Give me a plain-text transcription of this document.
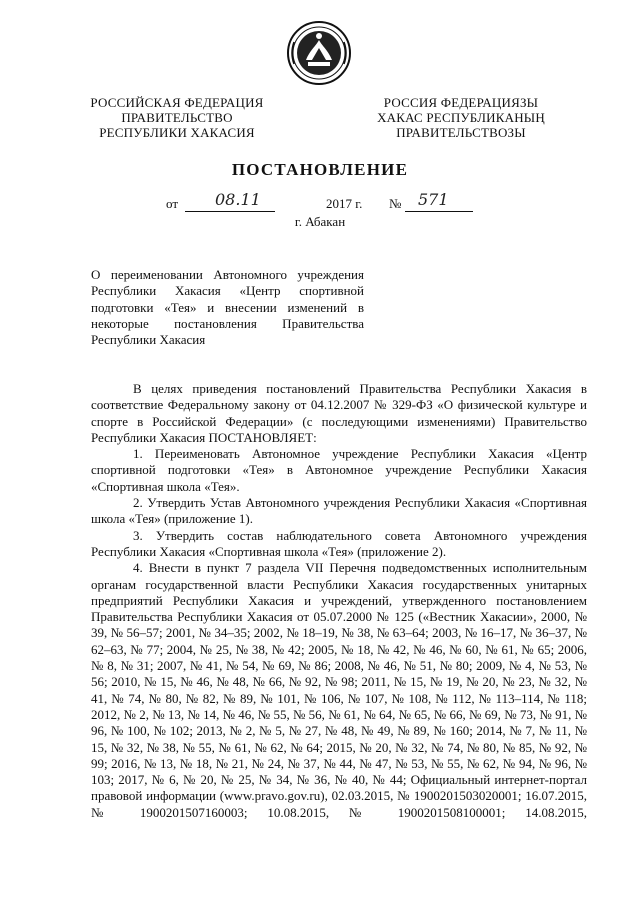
РОССИЙСКАЯ ФЕДЕРАЦИЯ
ПРАВИТЕЛЬСТВО
РЕСПУБЛИКИ ХАКАСИЯ
РОССИЯ ФЕДЕРАЦИЯЗЫ
ХАКАС РЕСПУБЛИКАНЫҢ
ПРАВИТЕЛЬСТВОЗЫ
ПОСТАНОВЛЕНИЕ
от 08.11	2017 г. № 571
г. Абакан
О переименовании Автономного учреждения Республики Хакасия «Центр спортивной подготовки «Тея» и внесении изменений в некоторые постановления Правительства Республики Хакасия

В целях приведения постановлений Правительства Республики Хакасия в соответствие Федеральному закону от 04.12.2007 № 329-ФЗ «О физической культуре и спорте в Российской Федерации» (с последующими изменениями) Правительство Республики Хакасия ПОСТАНОВЛЯЕТ:

1. Переименовать Автономное учреждение Республики Хакасия «Центр спортивной подготовки «Тея» в Автономное учреждение Республики Хакасия «Спортивная школа «Тея».

2. Утвердить Устав Автономного учреждения Республики Хакасия «Спортивная школа «Тея» (приложение 1).

3. Утвердить состав наблюдательного совета Автономного учреждения Республики Хакасия «Спортивная школа «Тея» (приложение 2).

4. Внести в пункт 7 раздела VII Перечня подведомственных исполнительным органам государственной власти Республики Хакасия государственных унитарных предприятий Республики Хакасия и учреждений, утвержденного постановлением Правительства Республики Хакасия от 05.07.2000 № 125 («Вестник Хакасии», 2000, № 39, № 56–57; 2001, № 34–35; 2002, № 18–19, № 38, № 63–64; 2003, № 16–17, № 36–37, № 62–63, № 77; 2004, № 25, № 38, № 42; 2005, № 18, № 42, № 46, № 60, № 61, № 65; 2006, № 8, № 31; 2007, № 41, № 54, № 69, № 86; 2008, № 46, № 51, № 80; 2009, № 4, № 53, № 56; 2010, № 15, № 46, № 48, № 66, № 92, № 98; 2011, № 15, № 19, № 20, № 23, № 32, № 41, № 74, № 80, № 82, № 89, № 101, № 106, № 107, № 108, № 112, № 113–114, № 118; 2012, № 2, № 13, № 14, № 46, № 55, № 56, № 61, № 64, № 65, № 66, № 69, № 73, № 91, № 96, № 100, № 102; 2013, № 2, № 5, № 27, № 48, № 49, № 89, № 160; 2014, № 7, № 11, № 15, № 32, № 38, № 55, № 61, № 62, № 64; 2015, № 20, № 32, № 74, № 80, № 85, № 92, № 99; 2016, № 13, № 18, № 21, № 24, № 37, № 44, № 47, № 53, № 55, № 62, № 94, № 96, № 103; 2017, № 6, № 20, № 25, № 34, № 36, № 40, № 44; Официальный интернет-портал правовой информации (www.pravo.gov.ru), 02.03.2015, № 1900201503020001; 16.07.2015, № 1900201507160003; 10.08.2015, № 1900201508100001; 14.08.2015,
